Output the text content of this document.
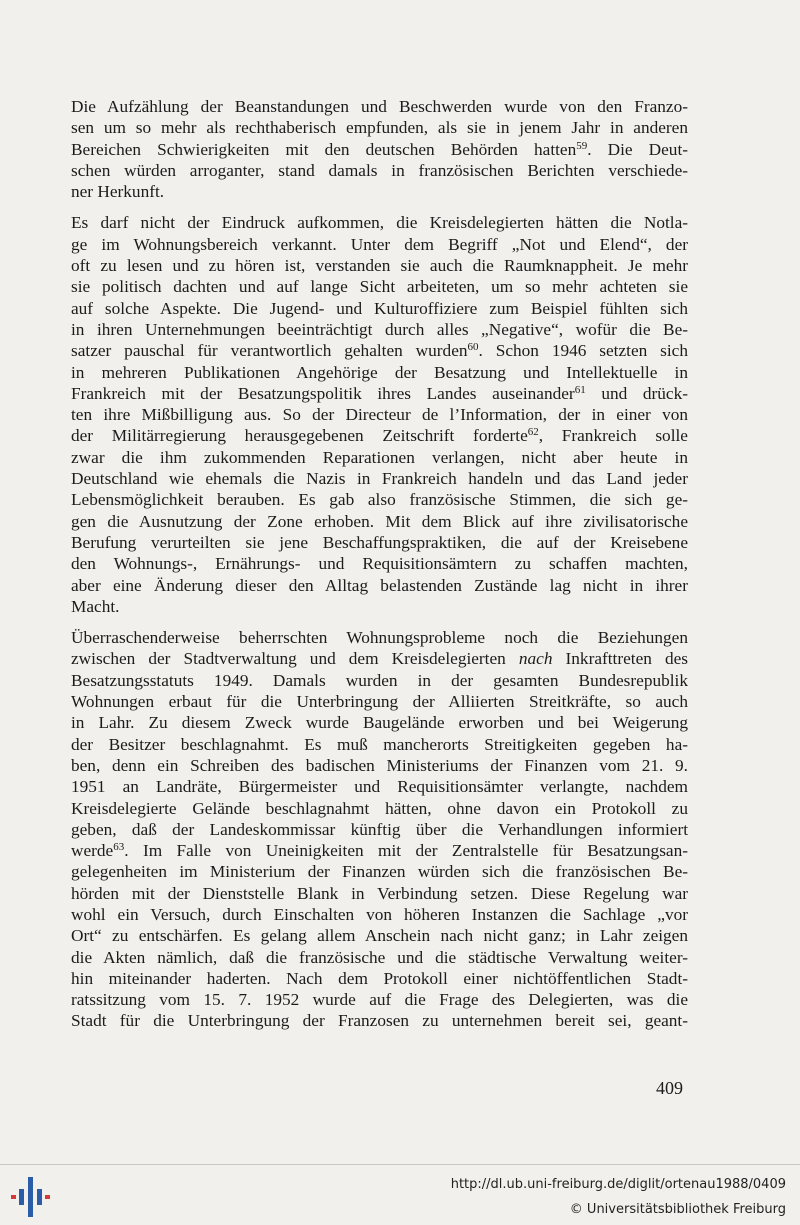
Die Aufzählung der Beanstandungen und Beschwerden wurde von den Franzo-
sen um so mehr als rechthaberisch empfunden, als sie in jenem Jahr in anderen
Bereichen Schwierigkeiten mit den deutschen Behörden hatten$^{59}$. Die Deut-
schen würden arroganter, stand damals in französischen Berichten verschiede-
ner Herkunft.
Es darf nicht der Eindruck aufkommen, die Kreisdelegierten hätten die Notla-
ge im Wohnungsbereich verkannt. Unter dem Begriff „Not und Elend“, der
oft zu lesen und zu hören ist, verstanden sie auch die Raumknappheit. Je mehr
sie politisch dachten und auf lange Sicht arbeiteten, um so mehr achteten sie
auf solche Aspekte. Die Jugend- und Kulturoffiziere zum Beispiel fühlten sich
in ihren Unternehmungen beeinträchtigt durch alles „Negative“, wofür die Be-
satzer pauschal für verantwortlich gehalten wurden$^{60}$. Schon 1946 setzten sich
in mehreren Publikationen Angehörige der Besatzung und Intellektuelle in
Frankreich mit der Besatzungspolitik ihres Landes auseinander$^{61}$ und drück-
ten ihre Mißbilligung aus. So der Directeur de l’Information, der in einer von
der Militärregierung herausgegebenen Zeitschrift forderte$^{62}$, Frankreich solle
zwar die ihm zukommenden Reparationen verlangen, nicht aber heute in
Deutschland wie ehemals die Nazis in Frankreich handeln und das Land jeder
Lebensmöglichkeit berauben. Es gab also französische Stimmen, die sich ge-
gen die Ausnutzung der Zone erhoben. Mit dem Blick auf ihre zivilisatorische
Berufung verurteilten sie jene Beschaffungspraktiken, die auf der Kreisebene
den Wohnungs-, Ernährungs- und Requisitionsämtern zu schaffen machten,
aber eine Änderung dieser den Alltag belastenden Zustände lag nicht in ihrer
Macht.
Überraschenderweise beherrschten Wohnungsprobleme noch die Beziehungen
zwischen der Stadtverwaltung und dem Kreisdelegierten nach Inkrafttreten des
Besatzungsstatuts 1949. Damals wurden in der gesamten Bundesrepublik
Wohnungen erbaut für die Unterbringung der Alliierten Streitkräfte, so auch
in Lahr. Zu diesem Zweck wurde Baugelände erworben und bei Weigerung
der Besitzer beschlagnahmt. Es muß mancherorts Streitigkeiten gegeben ha-
ben, denn ein Schreiben des badischen Ministeriums der Finanzen vom 21. 9.
1951 an Landräte, Bürgermeister und Requisitionsämter verlangte, nachdem
Kreisdelegierte Gelände beschlagnahmt hätten, ohne davon ein Protokoll zu
geben, daß der Landeskommissar künftig über die Verhandlungen informiert
werde$^{63}$. Im Falle von Uneinigkeiten mit der Zentralstelle für Besatzungsan-
gelegenheiten im Ministerium der Finanzen würden sich die französischen Be-
hörden mit der Dienststelle Blank in Verbindung setzen. Diese Regelung war
wohl ein Versuch, durch Einschalten von höheren Instanzen die Sachlage „vor
Ort“ zu entschärfen. Es gelang allem Anschein nach nicht ganz; in Lahr zeigen
die Akten nämlich, daß die französische und die städtische Verwaltung weiter-
hin miteinander haderten. Nach dem Protokoll einer nichtöffentlichen Stadt-
ratssitzung vom 15. 7. 1952 wurde auf die Frage des Delegierten, was die
Stadt für die Unterbringung der Franzosen zu unternehmen bereit sei, geant-
409
http://dl.ub.uni-freiburg.de/diglit/ortenau1988/0409
© Universitätsbibliothek Freiburg
